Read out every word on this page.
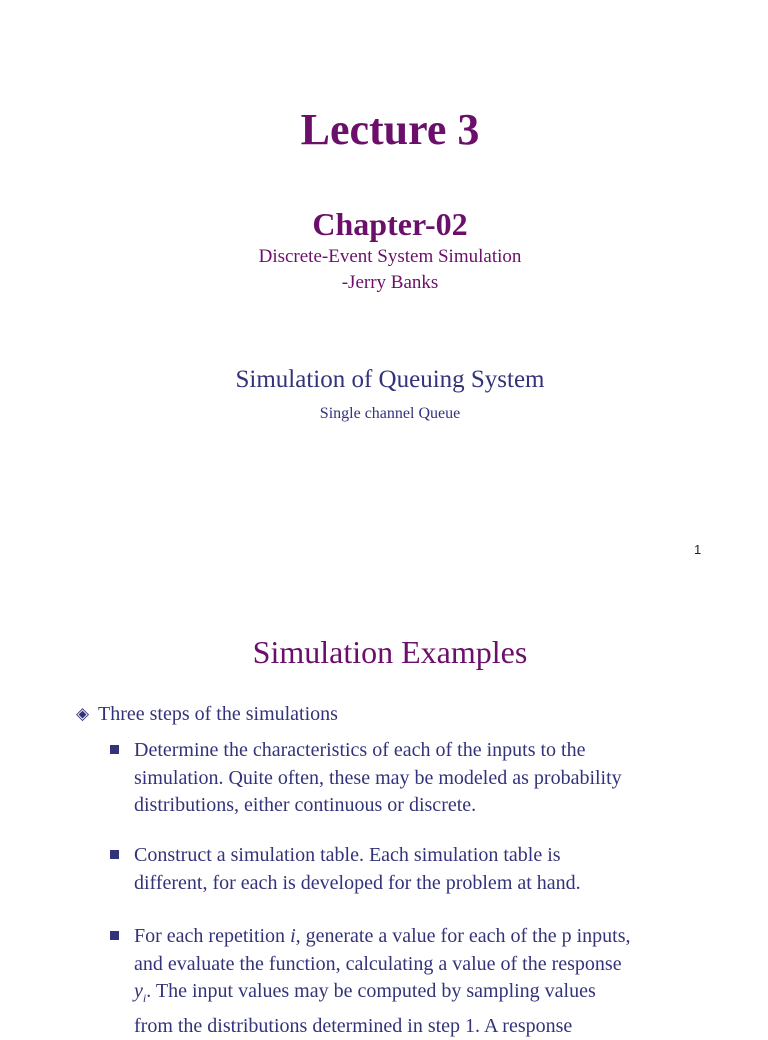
Lecture 3
Chapter-02
Discrete-Event System Simulation
-Jerry Banks
Simulation of Queuing System
Single channel Queue
1
Simulation Examples
◈ Three steps of the simulations
Determine the characteristics of each of the inputs to the
simulation. Quite often, these may be modeled as probability
distributions, either continuous or discrete.
Construct a simulation table. Each simulation table is
different, for each is developed for the problem at hand.
For each repetition i, generate a value for each of the p inputs,
and evaluate the function, calculating a value of the response
$y_i$. The input values may be computed by sampling values
from the distributions determined in step 1. A response
